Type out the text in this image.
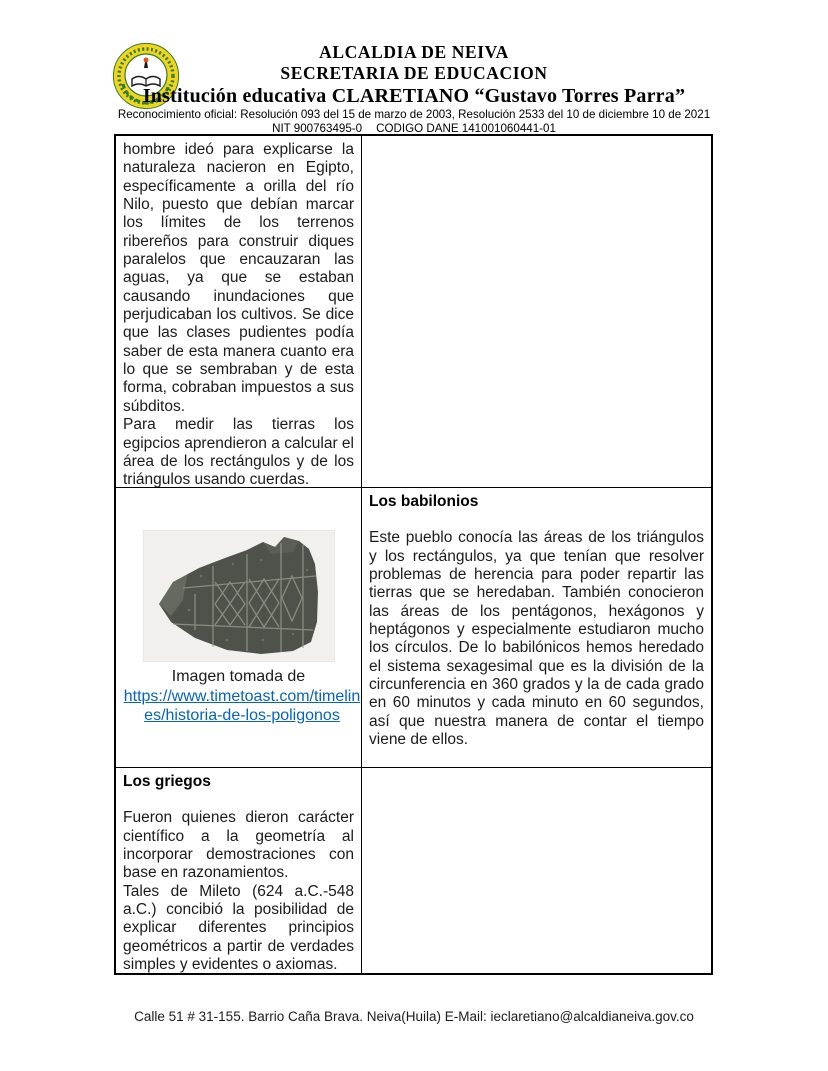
ALCALDIA DE NEIVA
SECRETARIA DE EDUCACION
Institución educativa CLARETIANO “Gustavo Torres Parra”
Reconocimiento oficial: Resolución 093 del 15 de marzo de 2003, Resolución 2533 del 10 de diciembre 10 de 2021
NIT 900763495-0 CODIGO DANE 141001060441-01

hombre ideó para explicarse la naturaleza nacieron en Egipto, específicamente a orilla del río Nilo, puesto que debían marcar los límites de los terrenos ribereños para construir diques paralelos que encauzaran las aguas, ya que se estaban causando inundaciones que perjudicaban los cultivos. Se dice que las clases pudientes podía saber de esta manera cuanto era lo que se sembraban y de esta forma, cobraban impuestos a sus súbditos.

Para medir las tierras los egipcios aprendieron a calcular el área de los rectángulos y de los triángulos usando cuerdas.

Imagen tomada de
https://www.timetoast.com/timelines/historia-de-los-poligonos
Los babilonios

Este pueblo conocía las áreas de los triángulos y los rectángulos, ya que tenían que resolver problemas de herencia para poder repartir las tierras que se heredaban. También conocieron las áreas de los pentágonos, hexágonos y heptágonos y especialmente estudiaron mucho los círculos. De lo babilónicos hemos heredado el sistema sexagesimal que es la división de la circunferencia en 360 grados y la de cada grado en 60 minutos y cada minuto en 60 segundos, así que nuestra manera de contar el tiempo viene de ellos.

Los griegos

Fueron quienes dieron carácter científico a la geometría al incorporar demostraciones con base en razonamientos.

Tales de Mileto (624 a.C.-548 a.C.) concibió la posibilidad de explicar diferentes principios geométricos a partir de verdades simples y evidentes o axiomas.

Calle 51 # 31-155. Barrio Caña Brava. Neiva(Huila) E-Mail: ieclaretiano@alcaldianeiva.gov.co
